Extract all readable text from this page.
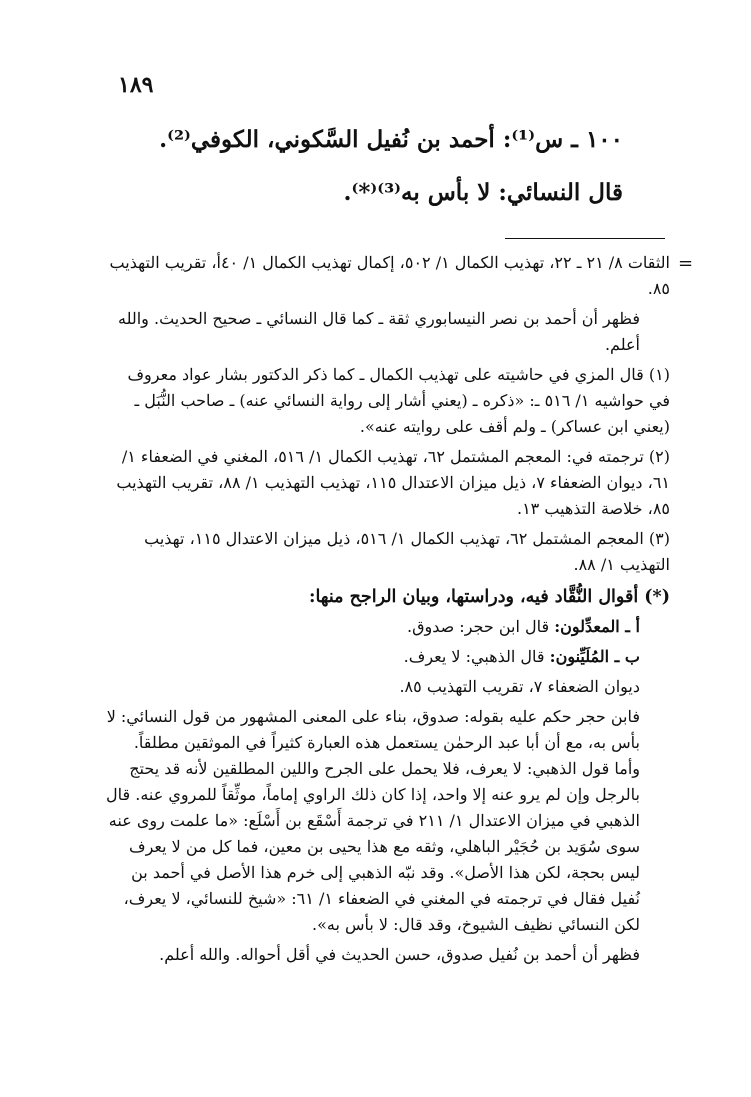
١٨٩
١٠٠ ـ س⁽¹⁾: أحمد بن نُفيل السَّكوني، الكوفي⁽²⁾.
قال النسائي: لا بأس به⁽³⁾⁽*⁾.
=

الثقات ٨/ ٢١ ـ ٢٢، تهذيب الكمال ١/ ٥٠٢، إكمال تهذيب الكمال ١/ ٤٠أ، تقريب التهذيب ٨٥.

فظهر أن أحمد بن نصر النيسابوري ثقة ـ كما قال النسائي ـ صحيح الحديث. والله أعلم.

(١) قال المزي في حاشيته على تهذيب الكمال ـ كما ذكر الدكتور بشار عواد معروف في حواشيه ١/ ٥١٦ ـ: «ذكره ـ (يعني أشار إلى رواية النسائي عنه) ـ صاحب النُّبَل ـ (يعني ابن عساكر) ـ ولم أقف على روايته عنه».

(٢) ترجمته في: المعجم المشتمل ٦٢، تهذيب الكمال ١/ ٥١٦، المغني في الضعفاء ١/ ٦١، ديوان الضعفاء ٧، ذيل ميزان الاعتدال ١١٥، تهذيب التهذيب ١/ ٨٨، تقريب التهذيب ٨٥، خلاصة التذهيب ١٣.

(٣) المعجم المشتمل ٦٢، تهذيب الكمال ١/ ٥١٦، ذيل ميزان الاعتدال ١١٥، تهذيب التهذيب ١/ ٨٨.

(*) أقوال النُّقَّاد فيه، ودراستها، وبيان الراجح منها:

أ ـ المعدِّلون: قال ابن حجر: صدوق.

ب ـ المُلَيِّنون: قال الذهبي: لا يعرف.

ديوان الضعفاء ٧، تقريب التهذيب ٨٥.

فابن حجر حكم عليه بقوله: صدوق، بناء على المعنى المشهور من قول النسائي: لا بأس به، مع أن أبا عبد الرحمٰن يستعمل هذه العبارة كثيراً في الموثقين مطلقاً. وأما قول الذهبي: لا يعرف، فلا يحمل على الجرح واللين المطلقين لأنه قد يحتج بالرجل وإن لم يرو عنه إلا واحد، إذا كان ذلك الراوي إماماً، موثِّقاً للمروي عنه. قال الذهبي في ميزان الاعتدال ١/ ٢١١ في ترجمة أَسْقَع بن أَسْلَع: «ما علمت روى عنه سوى سُوَيد بن حُجَيْر الباهلي، وثقه مع هذا يحيى بن معين، فما كل من لا يعرف ليس بحجة، لكن هذا الأصل». وقد نبّه الذهبي إلى خرم هذا الأصل في أحمد بن نُفيل فقال في ترجمته في المغني في الضعفاء ١/ ٦١: «شيخ للنسائي، لا يعرف، لكن النسائي نظيف الشيوخ، وقد قال: لا بأس به».

فظهر أن أحمد بن نُفيل صدوق، حسن الحديث في أقل أحواله. والله أعلم.
